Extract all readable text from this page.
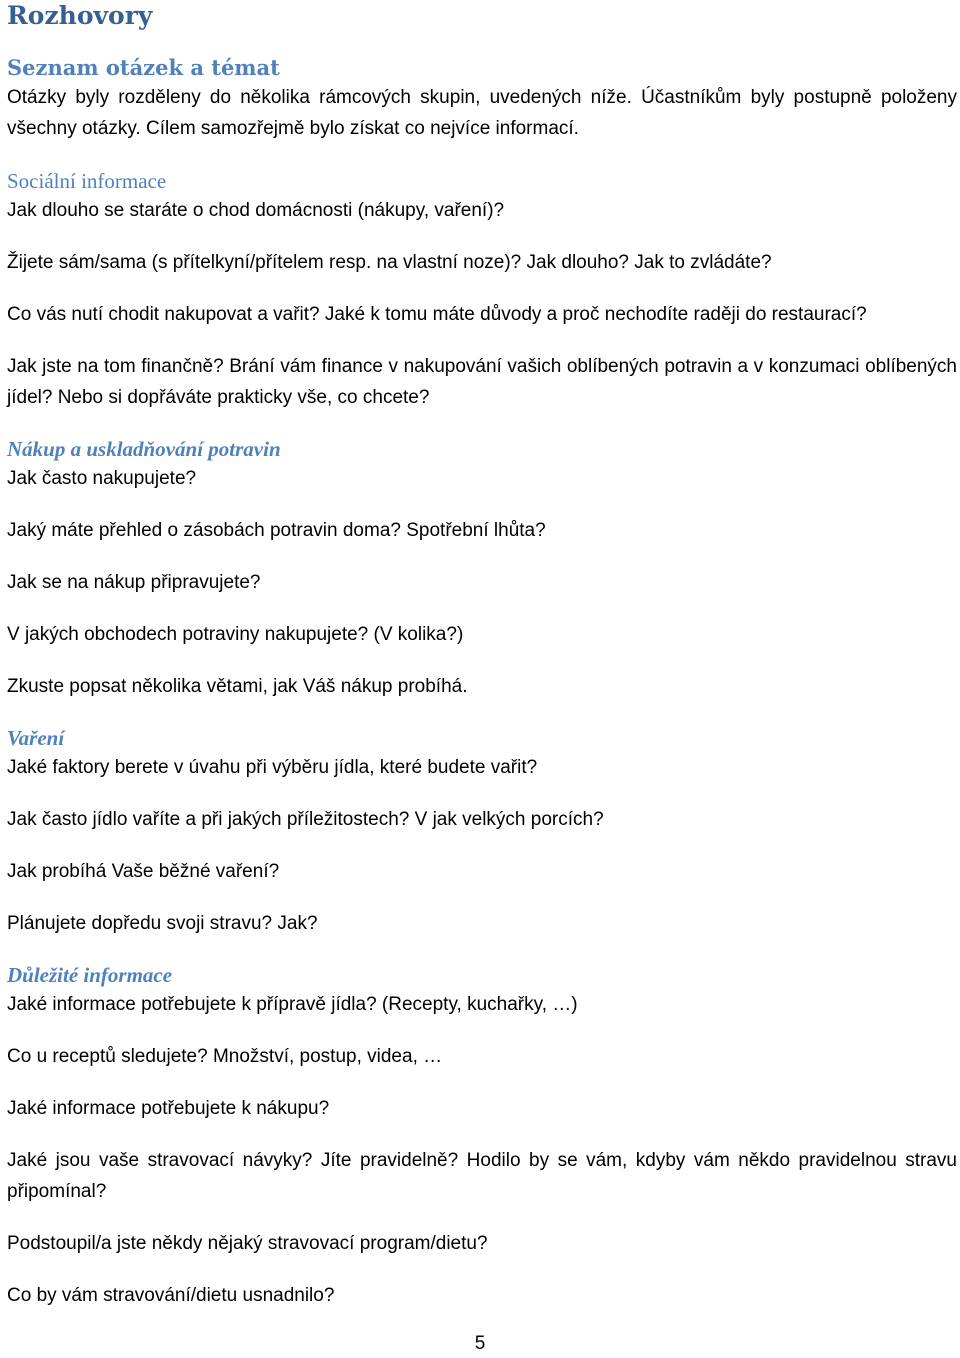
Rozhovory
Seznam otázek a témat

Otázky byly rozděleny do několika rámcových skupin, uvedených níže. Účastníkům byly postupně položeny všechny otázky. Cílem samozřejmě bylo získat co nejvíce informací.

Sociální informace

Jak dlouho se staráte o chod domácnosti (nákupy, vaření)?

Žijete sám/sama (s přítelkyní/přítelem resp. na vlastní noze)? Jak dlouho? Jak to zvládáte?

Co vás nutí chodit nakupovat a vařit? Jaké k tomu máte důvody a proč nechodíte raději do restaurací?

Jak jste na tom finančně? Brání vám finance v nakupování vašich oblíbených potravin a v konzumaci oblíbených jídel? Nebo si dopřáváte prakticky vše, co chcete?

Nákup a uskladňování potravin

Jak často nakupujete?

Jaký máte přehled o zásobách potravin doma? Spotřební lhůta?

Jak se na nákup připravujete?

V jakých obchodech potraviny nakupujete? (V kolika?)

Zkuste popsat několika větami, jak Váš nákup probíhá.

Vaření

Jaké faktory berete v úvahu při výběru jídla, které budete vařit?

Jak často jídlo vaříte a při jakých příležitostech? V jak velkých porcích?

Jak probíhá Vaše běžné vaření?

Plánujete dopředu svoji stravu? Jak?

Důležité informace

Jaké informace potřebujete k přípravě jídla? (Recepty, kuchařky, …)

Co u receptů sledujete? Množství, postup, videa, …

Jaké informace potřebujete k nákupu?

Jaké jsou vaše stravovací návyky? Jíte pravidelně? Hodilo by se vám, kdyby vám někdo pravidelnou stravu připomínal?

Podstoupil/a jste někdy nějaký stravovací program/dietu?

Co by vám stravování/dietu usnadnilo?

5
